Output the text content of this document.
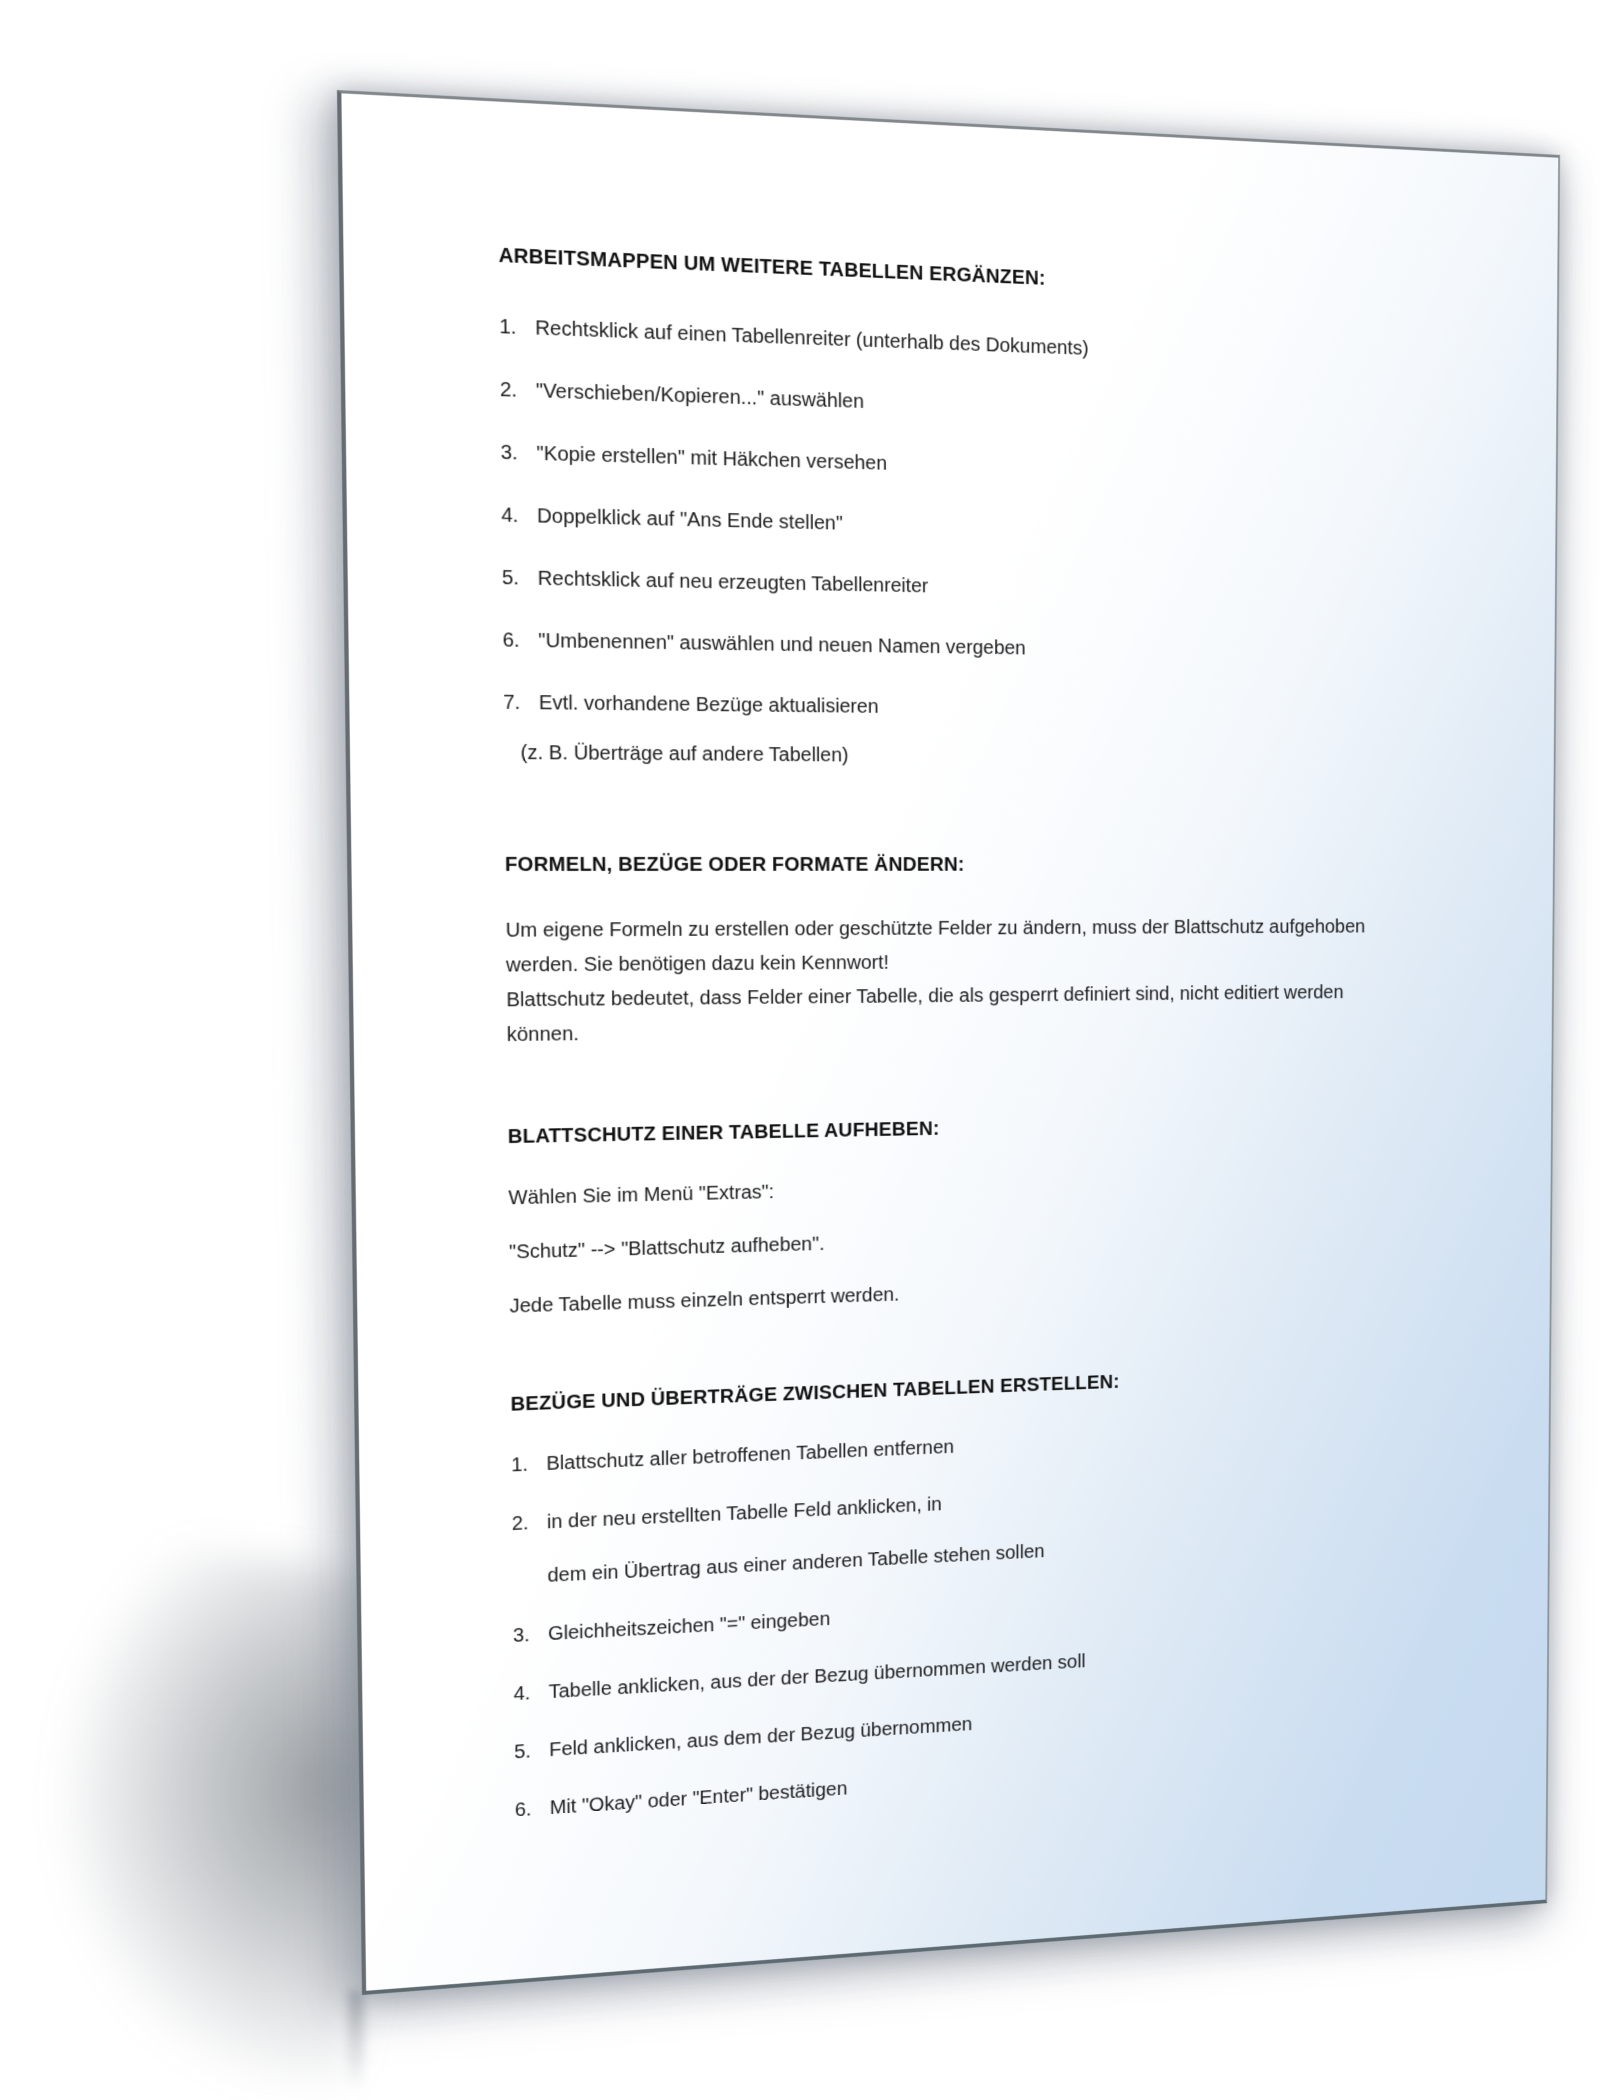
ARBEITSMAPPEN UM WEITERE TABELLEN ERGÄNZEN:
1. Rechtsklick auf einen Tabellenreiter (unterhalb des Dokuments)
2. "Verschieben/Kopieren..." auswählen
3. "Kopie erstellen" mit Häkchen versehen
4. Doppelklick auf "Ans Ende stellen"
5. Rechtsklick auf neu erzeugten Tabellenreiter
6. "Umbenennen" auswählen und neuen Namen vergeben
7. Evtl. vorhandene Bezüge aktualisieren
(z. B. Überträge auf andere Tabellen)
FORMELN, BEZÜGE ODER FORMATE ÄNDERN:
Um eigene Formeln zu erstellen oder geschützte Felder zu ändern, muss der Blattschutz aufgehoben
werden. Sie benötigen dazu kein Kennwort!
Blattschutz bedeutet, dass Felder einer Tabelle, die als gesperrt definiert sind, nicht editiert werden
können.
BLATTSCHUTZ EINER TABELLE AUFHEBEN:
Wählen Sie im Menü "Extras":
"Schutz" --> "Blattschutz aufheben".
Jede Tabelle muss einzeln entsperrt werden.
BEZÜGE UND ÜBERTRÄGE ZWISCHEN TABELLEN ERSTELLEN:
1. Blattschutz aller betroffenen Tabellen entfernen
2. in der neu erstellten Tabelle Feld anklicken, in
dem ein Übertrag aus einer anderen Tabelle stehen sollen
3. Gleichheitszeichen "=" eingeben
4. Tabelle anklicken, aus der der Bezug übernommen werden soll
5. Feld anklicken, aus dem der Bezug übernommen
6. Mit "Okay" oder "Enter" bestätigen
